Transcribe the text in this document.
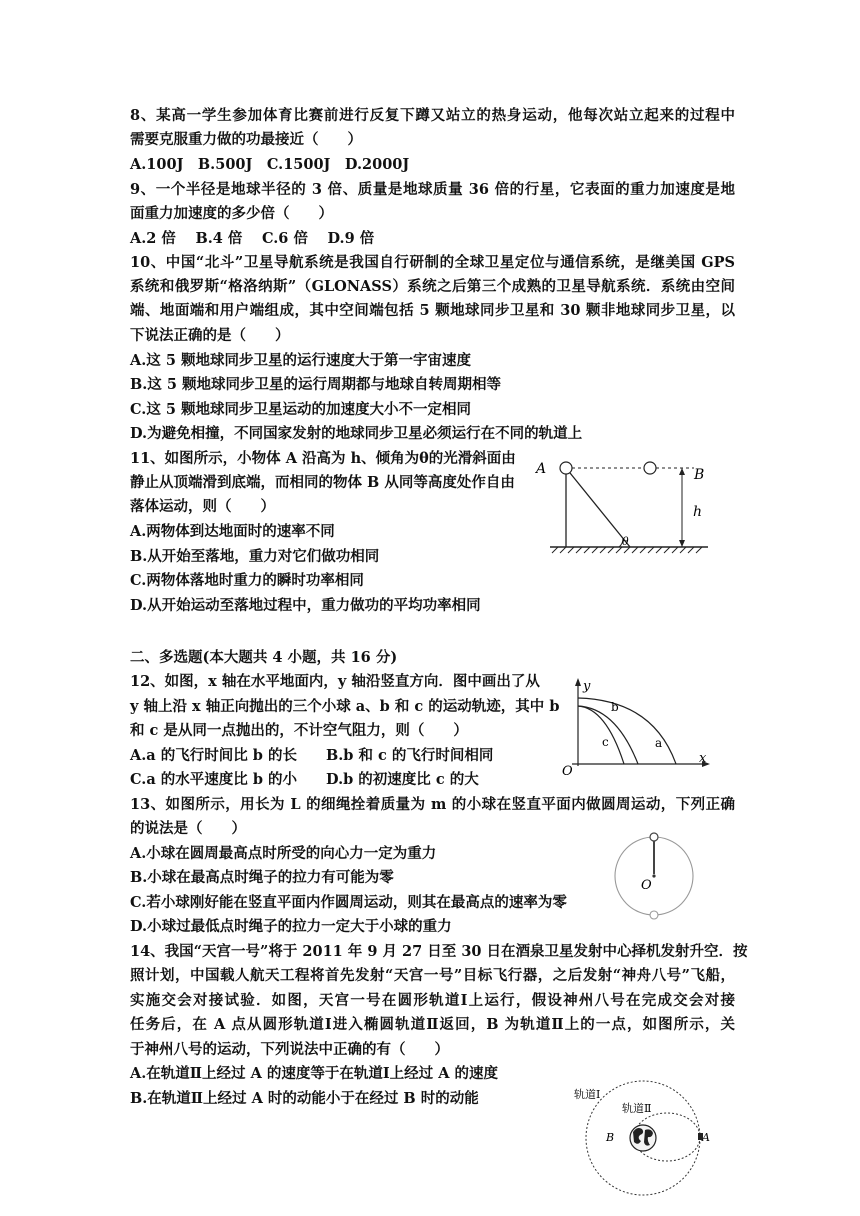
8、某高一学生参加体育比赛前进行反复下蹲又站立的热身运动，他每次站立起来的过程中
需要克服重力做的功最接近（　　）
A.100J　B.500J　C.1500J　D.2000J
9、一个半径是地球半径的 3 倍、质量是地球质量 36 倍的行星，它表面的重力加速度是地
面重力加速度的多少倍（　　）
A.2 倍　 B.4 倍　 C.6 倍　 D.9 倍
10、中国“北斗”卫星导航系统是我国自行研制的全球卫星定位与通信系统，是继美国 GPS
系统和俄罗斯“格洛纳斯”（GLONASS）系统之后第三个成熟的卫星导航系统．系统由空间
端、地面端和用户端组成，其中空间端包括 5 颗地球同步卫星和 30 颗非地球同步卫星，以
下说法正确的是（　　）
A.这 5 颗地球同步卫星的运行速度大于第一宇宙速度
B.这 5 颗地球同步卫星的运行周期都与地球自转周期相等
C.这 5 颗地球同步卫星运动的加速度大小不一定相同
D.为避免相撞，不同国家发射的地球同步卫星必须运行在不同的轨道上
11、如图所示，小物体 A 沿高为 h、倾角为θ的光滑斜面由
静止从顶端滑到底端，而相同的物体 B 从同等高度处作自由
落体运动，则（　　）
A.两物体到达地面时的速率不同
B.从开始至落地，重力对它们做功相同
C.两物体落地时重力的瞬时功率相同
D.从开始运动至落地过程中，重力做功的平均功率相同
A	B
h
θ
二、多选题(本大题共 4 小题，共 16 分)
12、如图，x 轴在水平地面内，y 轴沿竖直方向．图中画出了从
y 轴上沿 x 轴正向抛出的三个小球 a、b 和 c 的运动轨迹，其中 b
和 c 是从同一点抛出的，不计空气阻力，则（　　）
A.a 的飞行时间比 b 的长　　B.b 和 c 的飞行时间相同
C.a 的水平速度比 b 的小　　D.b 的初速度比 c 的大
y
x
O
a
b
c
13、如图所示，用长为 L 的细绳拴着质量为 m 的小球在竖直平面内做圆周运动，下列正确
的说法是（　　）
A.小球在圆周最高点时所受的向心力一定为重力
B.小球在最高点时绳子的拉力有可能为零
C.若小球刚好能在竖直平面内作圆周运动，则其在最高点的速率为零
D.小球过最低点时绳子的拉力一定大于小球的重力
O
14、我国“天宫一号”将于 2011 年 9 月 27 日至 30 日在酒泉卫星发射中心择机发射升空．按
照计划，中国载人航天工程将首先发射“天宫一号”目标飞行器，之后发射“神舟八号”飞船，
实施交会对接试验．如图，天宫一号在圆形轨道Ⅰ上运行，假设神州八号在完成交会对接
任务后，在 A 点从圆形轨道Ⅰ进入椭圆轨道Ⅱ返回，B 为轨道Ⅱ上的一点，如图所示，关
于神州八号的运动，下列说法中正确的有（　　）
A.在轨道Ⅱ上经过 A 的速度等于在轨道Ⅰ上经过 A 的速度
B.在轨道Ⅱ上经过 A 时的动能小于在经过 B 时的动能	轨道Ⅰ
轨道Ⅱ
B	A
